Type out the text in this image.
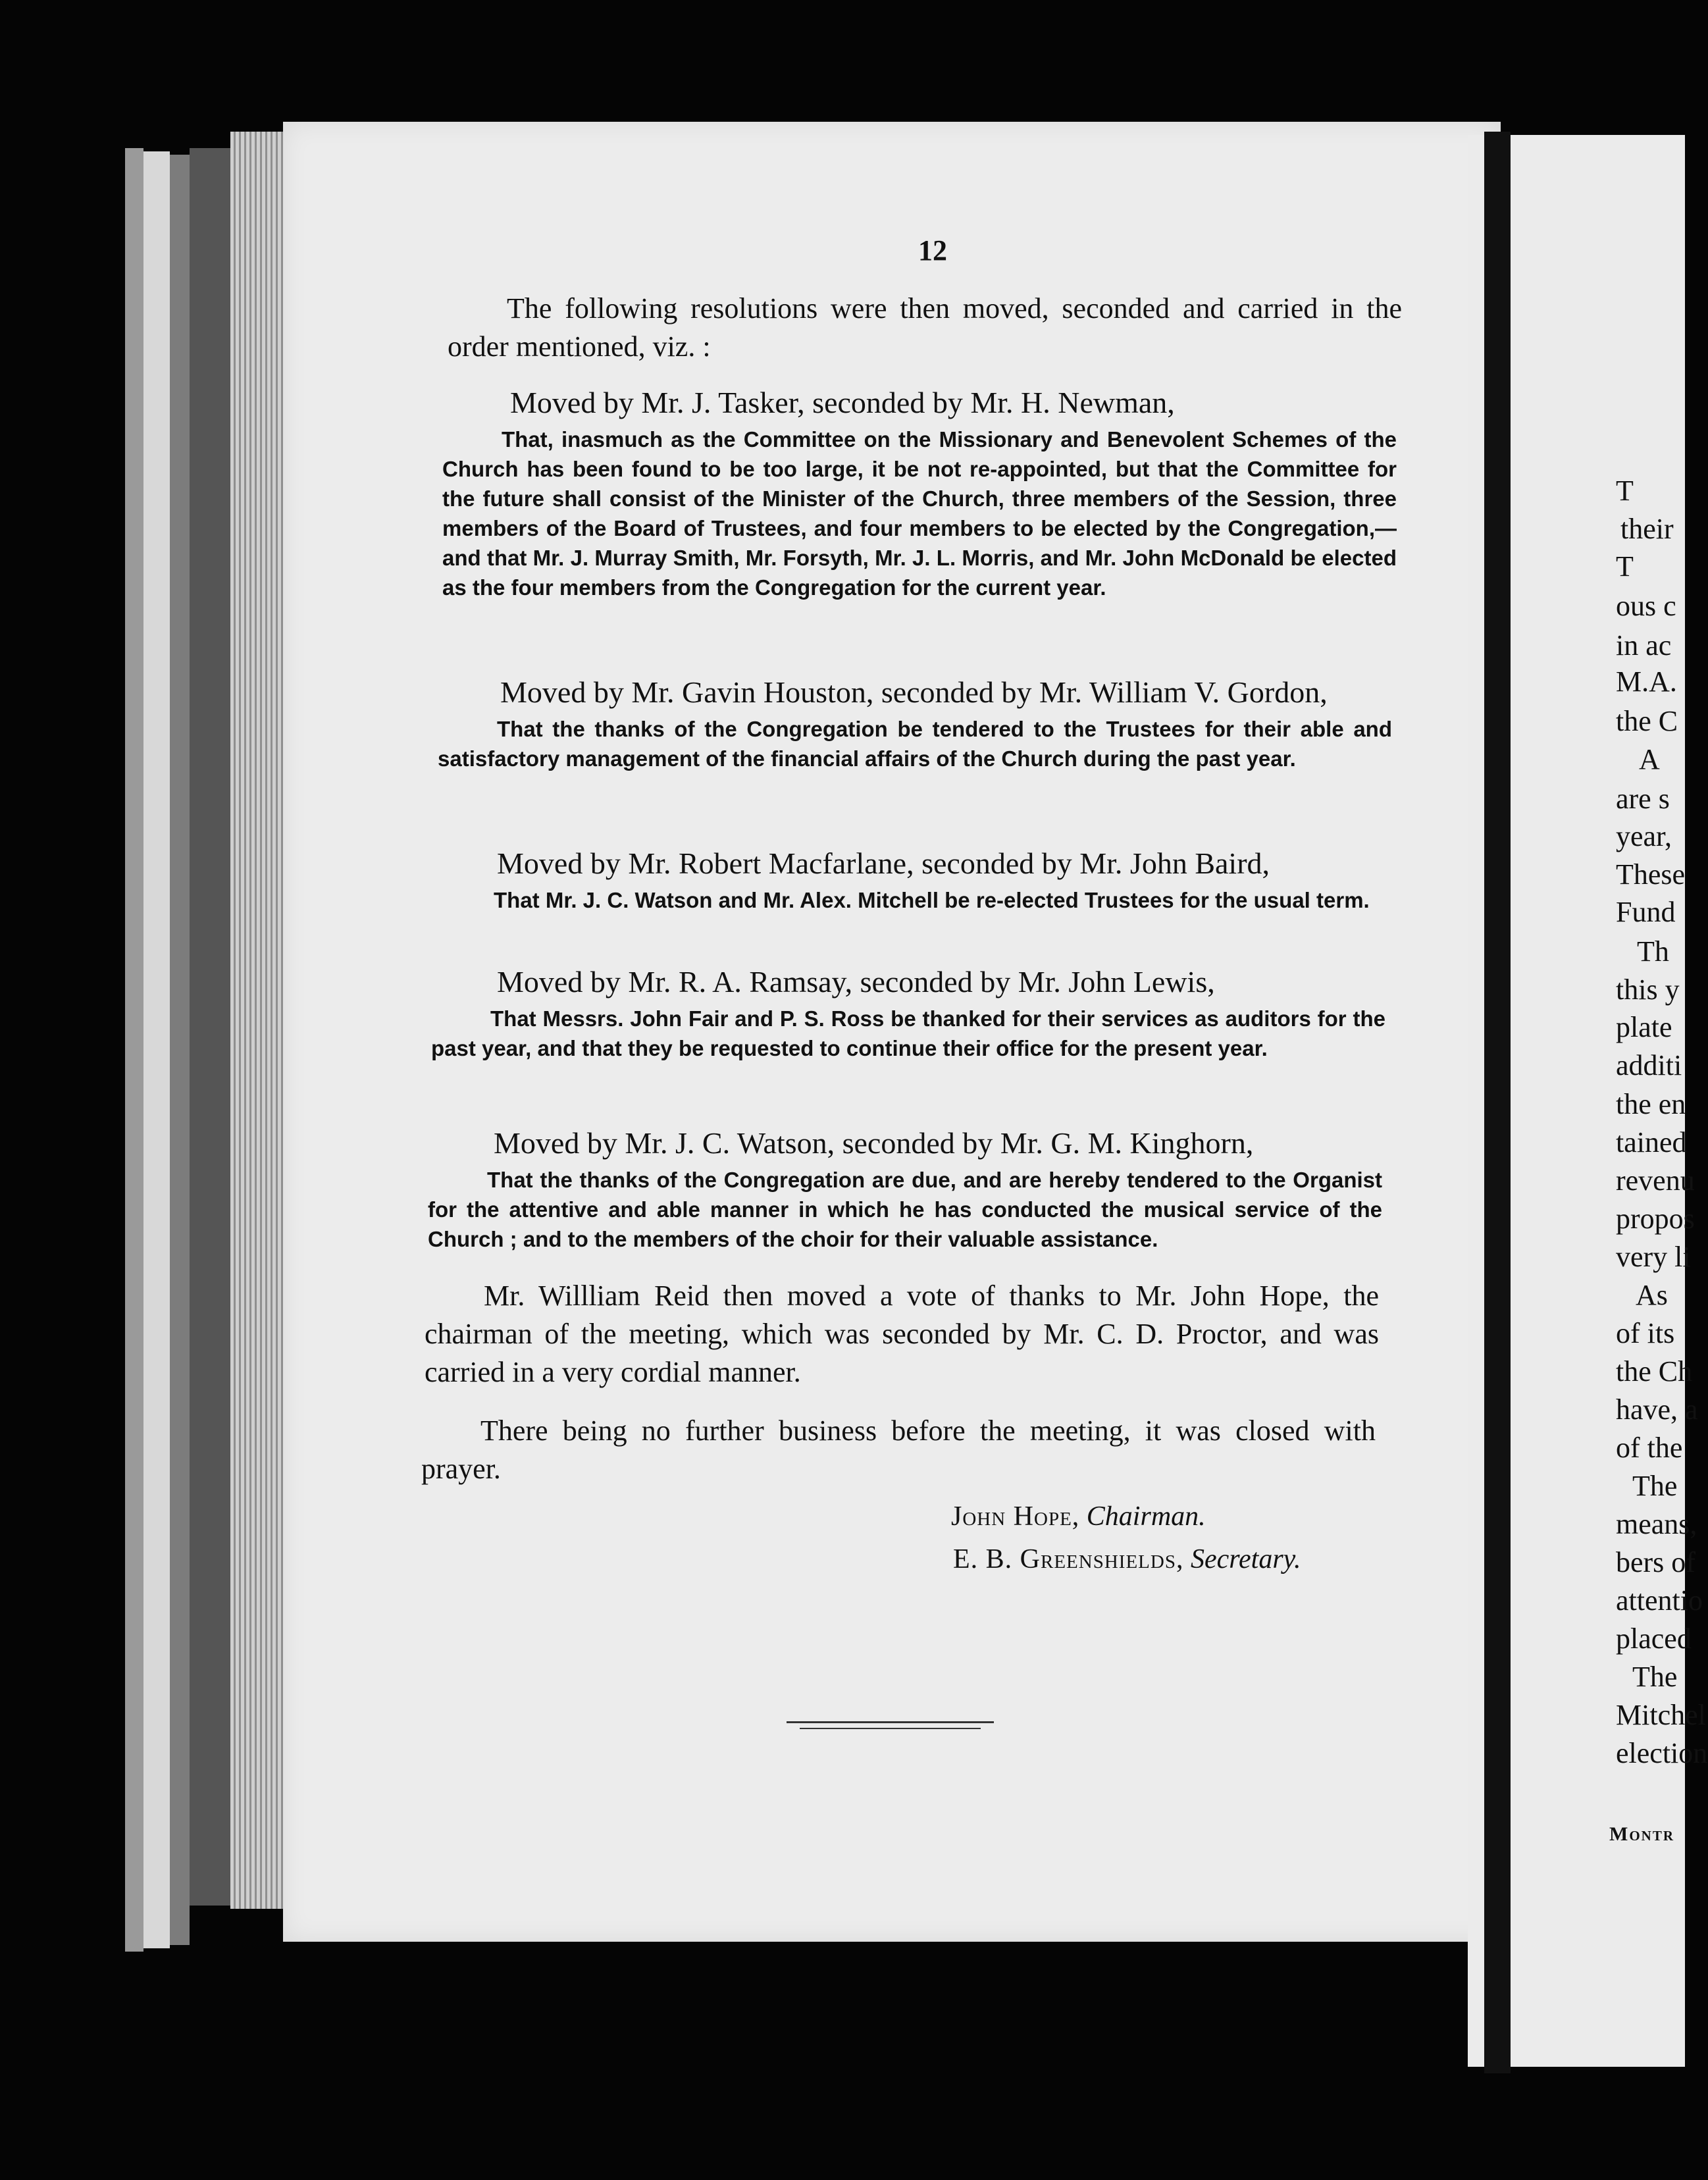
12
The following resolutions were then moved, seconded and carried in the order mentioned, viz. :
Moved by Mr. J. Tasker, seconded by Mr. H. Newman,
That, inasmuch as the Committee on the Missionary and Benevolent Schemes of the Church has been found to be too large, it be not re-appointed, but that the Committee for the future shall consist of the Minister of the Church, three members of the Session, three members of the Board of Trustees, and four members to be elected by the Congregation,—and that Mr. J. Murray Smith, Mr. Forsyth, Mr. J. L. Morris, and Mr. John McDonald be elected as the four members from the Congregation for the current year.
Moved by Mr. Gavin Houston, seconded by Mr. William V. Gordon,
That the thanks of the Congregation be tendered to the Trustees for their able and satisfactory management of the financial affairs of the Church during the past year.
Moved by Mr. Robert Macfarlane, seconded by Mr. John Baird,
That Mr. J. C. Watson and Mr. Alex. Mitchell be re-elected Trustees for the usual term.
Moved by Mr. R. A. Ramsay, seconded by Mr. John Lewis,
That Messrs. John Fair and P. S. Ross be thanked for their services as auditors for the past year, and that they be requested to continue their office for the present year.
Moved by Mr. J. C. Watson, seconded by Mr. G. M. Kinghorn,
That the thanks of the Congregation are due, and are hereby tendered to the Organist for the attentive and able manner in which he has conducted the musical service of the Church ; and to the members of the choir for their valuable assistance.
Mr. Willliam Reid then moved a vote of thanks to Mr. John Hope, the chairman of the meeting, which was seconded by Mr. C. D. Proctor, and was carried in a very cordial manner.
There being no further business before the meeting, it was closed with prayer.
John Hope, Chairman.
E. B. Greenshields, Secretary.
T
their
T
ous c
in ac
M.A.
the C
A
are s
year,
These
Fund
Th
this y
plate
additi
the en
tained
revenu
propos
very li
As
of its
the Ch
have, a
of the
The
means,
bers of
attentio
placed
The
Mitchel
election
Montr
